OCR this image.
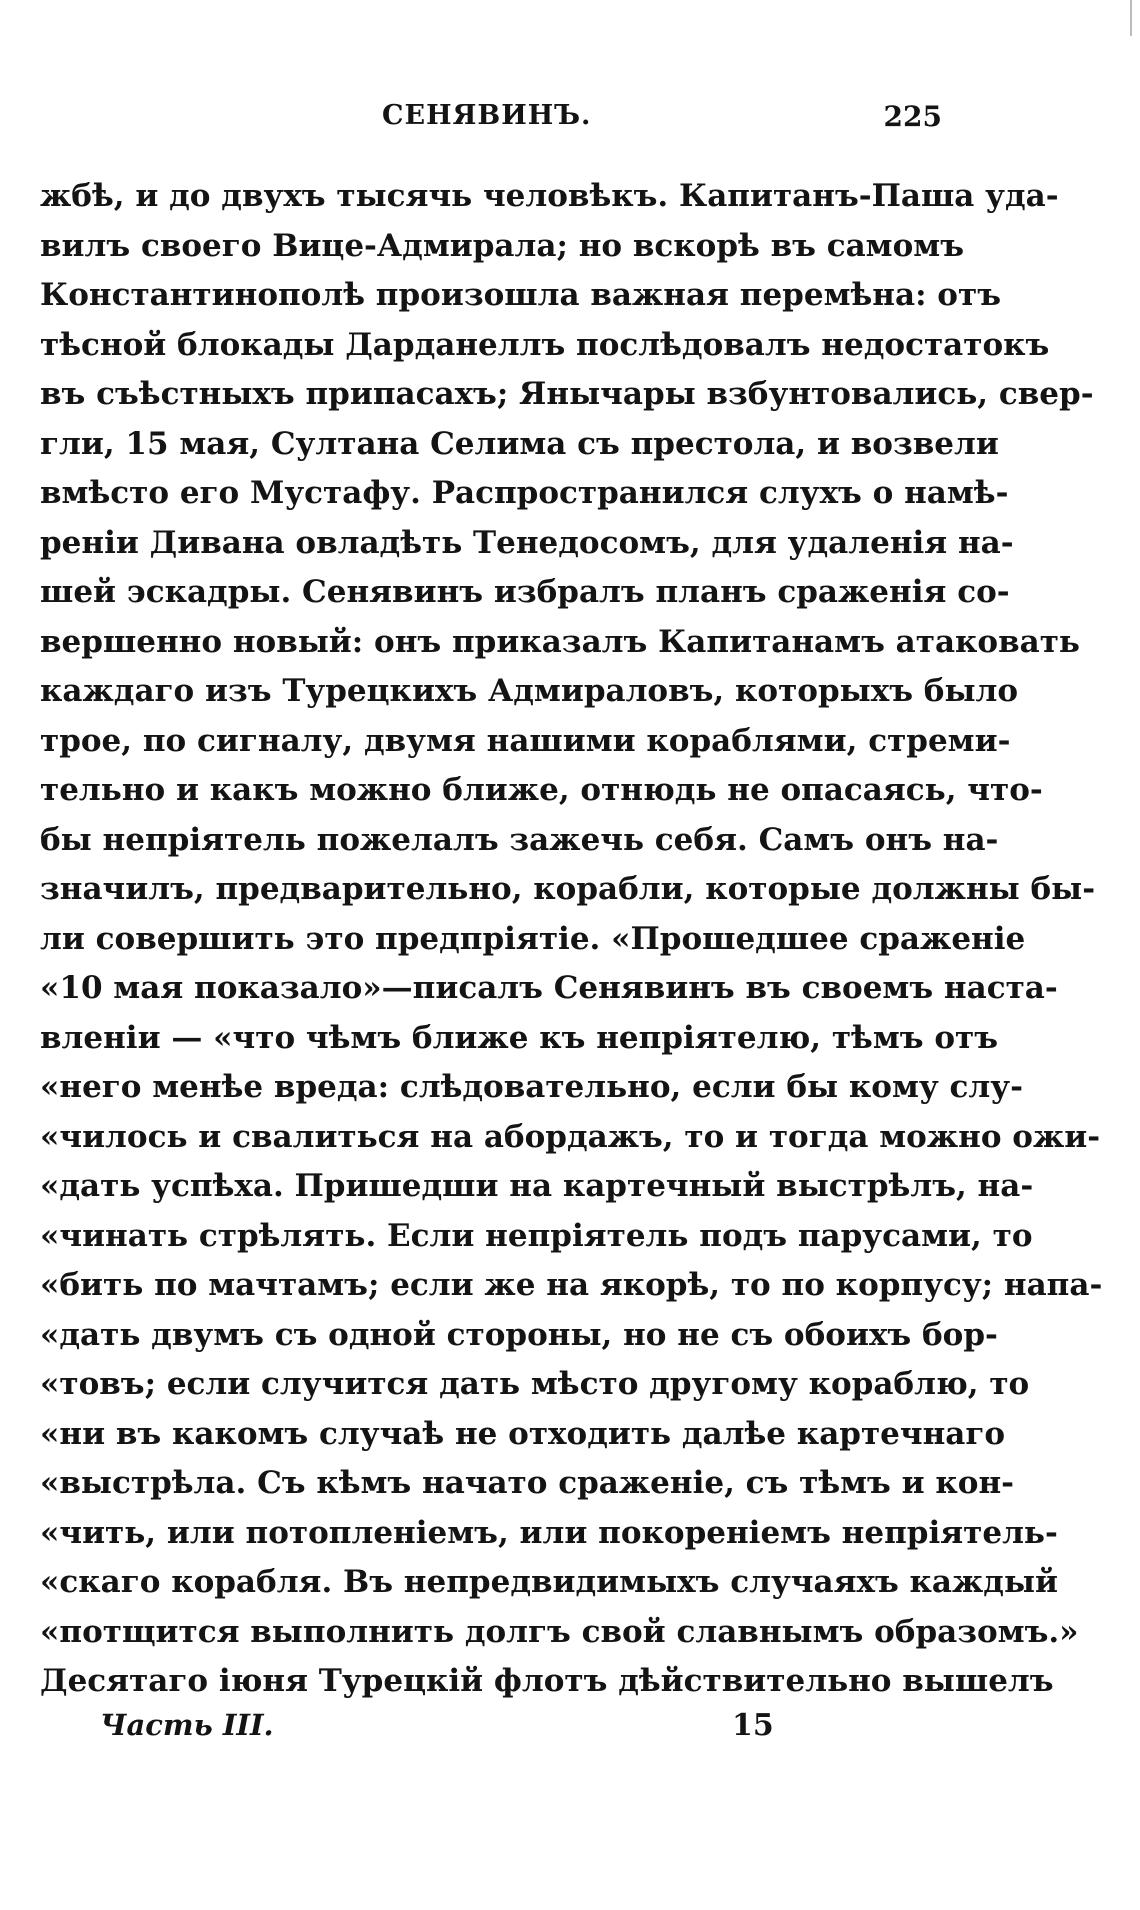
СЕНЯВИНЪ.	225
жбѣ, и до двухъ тысячь человѣкъ. Капитанъ-Паша уда-
вилъ своего Вице-Адмирала; но вскорѣ въ самомъ
Константинополѣ произошла важная перемѣна: отъ
тѣсной блокады Дарданеллъ послѣдовалъ недостатокъ
въ съѣстныхъ припасахъ; Янычары взбунтовались, свер-
гли, 15 мая, Султана Селима съ престола, и возвели
вмѣсто его Мустафу. Распространился слухъ о намѣ-
реніи Дивана овладѣть Тенедосомъ, для удаленія на-
шей эскадры. Сенявинъ избралъ планъ сраженія со-
вершенно новый: онъ приказалъ Капитанамъ атаковать
каждаго изъ Турецкихъ Адмираловъ, которыхъ было
трое, по сигналу, двумя нашими кораблями, стреми-
тельно и какъ можно ближе, отнюдь не опасаясь, что-
бы непріятель пожелалъ зажечь себя. Самъ онъ на-
значилъ, предварительно, корабли, которые должны бы-
ли совершить это предпріятіе. «Прошедшее сраженіе
«10 мая показало»—писалъ Сенявинъ въ своемъ наста-
вленіи — «что чѣмъ ближе къ непріятелю, тѣмъ отъ
«него менѣе вреда: слѣдовательно, если бы кому слу-
«чилось и свалиться на абордажъ, то и тогда можно ожи-
«дать успѣха. Пришедши на картечный выстрѣлъ, на-
«чинать стрѣлять. Если непріятель подъ парусами, то
«бить по мачтамъ; если же на якорѣ, то по корпусу; напа-
«дать двумъ съ одной стороны, но не съ обоихъ бор-
«товъ; если случится дать мѣсто другому кораблю, то
«ни въ какомъ случаѣ не отходить далѣе картечнаго
«выстрѣла. Съ кѣмъ начато сраженіе, съ тѣмъ и кон-
«чить, или потопленіемъ, или покореніемъ непріятель-
«скаго корабля. Въ непредвидимыхъ случаяхъ каждый
«потщится выполнить долгъ свой славнымъ образомъ.»
Десятаго іюня Турецкій флотъ дѣйствительно вышелъ
Часть III.	15
